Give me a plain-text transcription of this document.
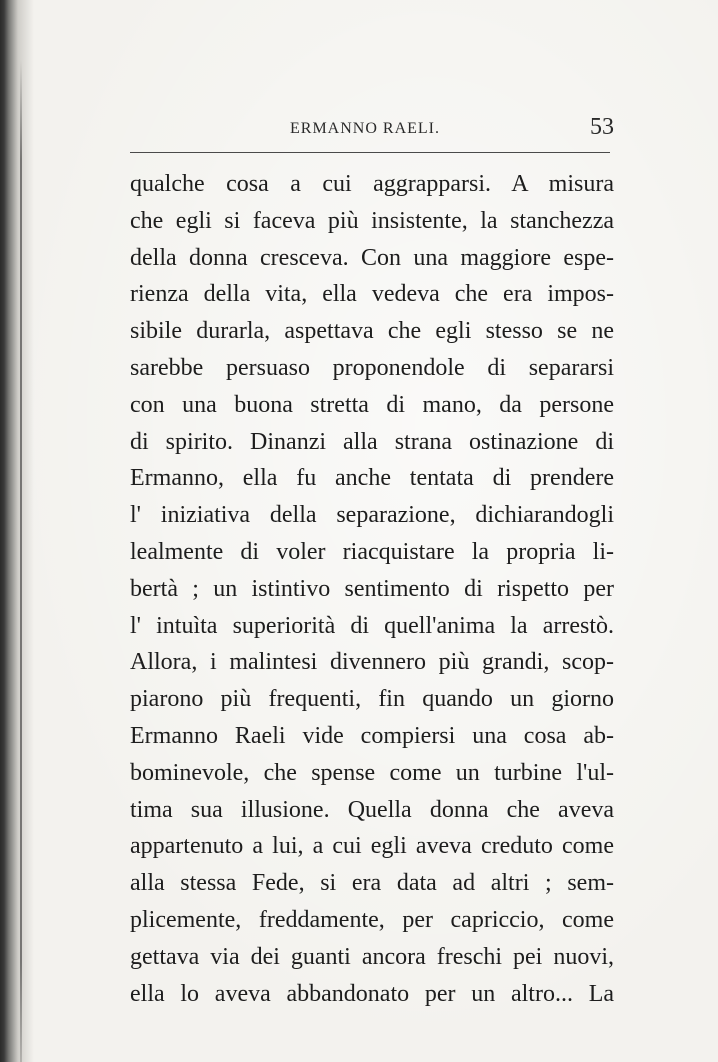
ERMANNO RAELI.	53
qualche cosa a cui aggrapparsi. A misura
che egli si faceva più insistente, la stanchezza
della donna cresceva. Con una maggiore espe-
rienza della vita, ella vedeva che era impos-
sibile durarla, aspettava che egli stesso se ne
sarebbe persuaso proponendole di separarsi
con una buona stretta di mano, da persone
di spirito. Dinanzi alla strana ostinazione di
Ermanno, ella fu anche tentata di prendere
l' iniziativa della separazione, dichiarandogli
lealmente di voler riacquistare la propria li-
bertà ; un istintivo sentimento di rispetto per
l' intuìta superiorità di quell'anima la arrestò.
Allora, i malintesi divennero più grandi, scop-
piarono più frequenti, fin quando un giorno
Ermanno Raeli vide compiersi una cosa ab-
bominevole, che spense come un turbine l'ul-
tima sua illusione. Quella donna che aveva
appartenuto a lui, a cui egli aveva creduto come
alla stessa Fede, si era data ad altri ; sem-
plicemente, freddamente, per capriccio, come
gettava via dei guanti ancora freschi pei nuovi,
ella lo aveva abbandonato per un altro... La
